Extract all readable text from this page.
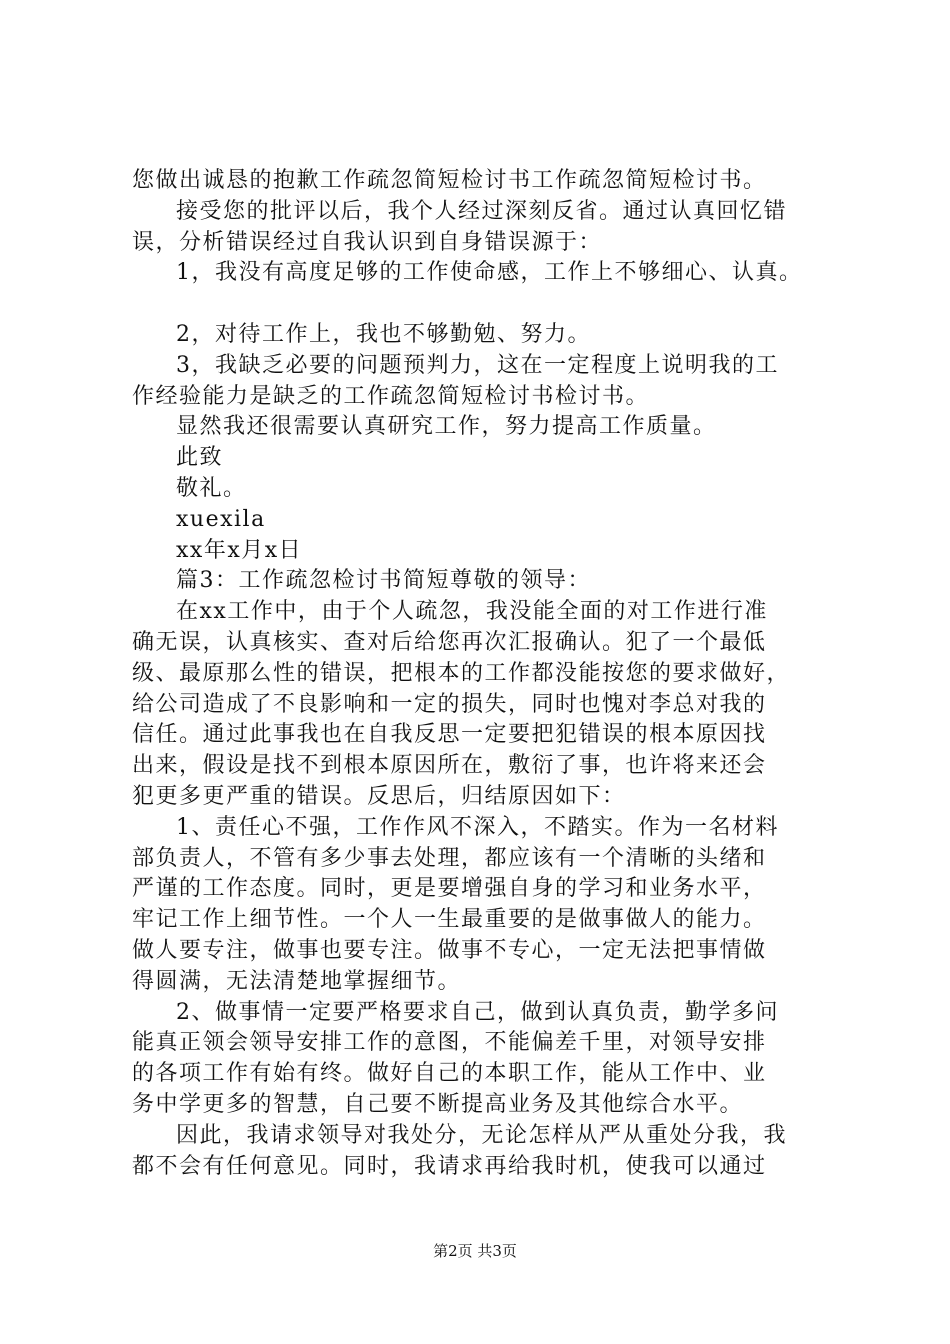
您做出诚恳的抱歉工作疏忽简短检讨书工作疏忽简短检讨书。
接受您的批评以后，我个人经过深刻反省。通过认真回忆错
误，分析错误经过自我认识到自身错误源于：
1，我没有高度足够的工作使命感，工作上不够细心、认真。
2，对待工作上，我也不够勤勉、努力。
3，我缺乏必要的问题预判力，这在一定程度上说明我的工
作经验能力是缺乏的工作疏忽简短检讨书检讨书。
显然我还很需要认真研究工作，努力提高工作质量。
此致
敬礼。
xuexila
xx年x月x日
篇3：工作疏忽检讨书简短尊敬的领导：
在xx工作中，由于个人疏忽，我没能全面的对工作进行准
确无误，认真核实、查对后给您再次汇报确认。犯了一个最低
级、最原那么性的错误，把根本的工作都没能按您的要求做好，
给公司造成了不良影响和一定的损失，同时也愧对李总对我的
信任。通过此事我也在自我反思一定要把犯错误的根本原因找
出来，假设是找不到根本原因所在，敷衍了事，也许将来还会
犯更多更严重的错误。反思后，归结原因如下：
1、责任心不强，工作作风不深入，不踏实。作为一名材料
部负责人，不管有多少事去处理，都应该有一个清晰的头绪和
严谨的工作态度。同时，更是要增强自身的学习和业务水平，
牢记工作上细节性。一个人一生最重要的是做事做人的能力。
做人要专注，做事也要专注。做事不专心，一定无法把事情做
得圆满，无法清楚地掌握细节。
2、做事情一定要严格要求自己，做到认真负责，勤学多问
能真正领会领导安排工作的意图，不能偏差千里，对领导安排
的各项工作有始有终。做好自己的本职工作，能从工作中、业
务中学更多的智慧，自己要不断提高业务及其他综合水平。
因此，我请求领导对我处分，无论怎样从严从重处分我，我
都不会有任何意见。同时，我请求再给我时机，使我可以通过
第2页 共3页
